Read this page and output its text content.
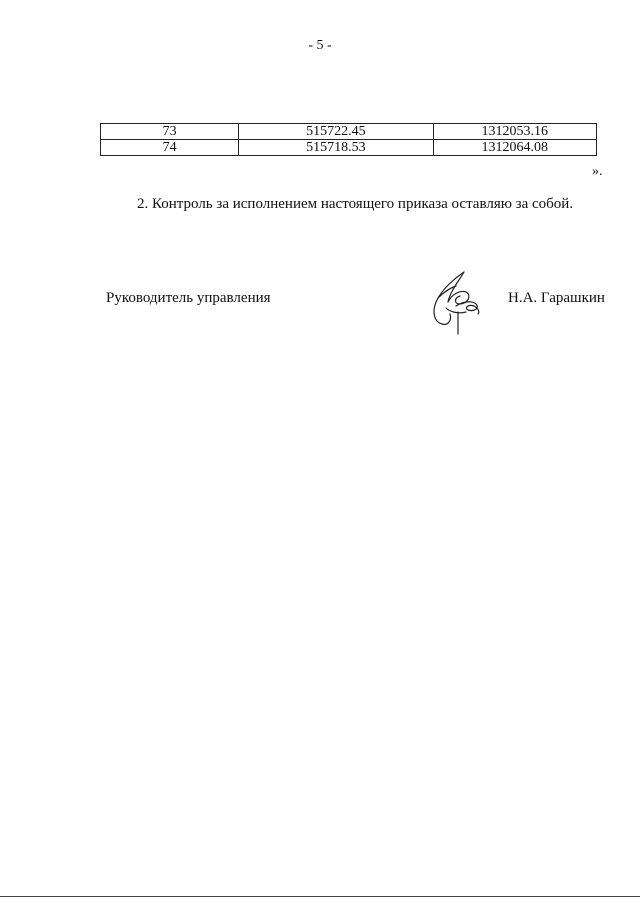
- 5 -
73	515722.45	1312053.16
74	515718.53	1312064.08
».
2. Контроль за исполнением настоящего приказа оставляю за собой.
Руководитель управления	Н.А. Гарашкин
